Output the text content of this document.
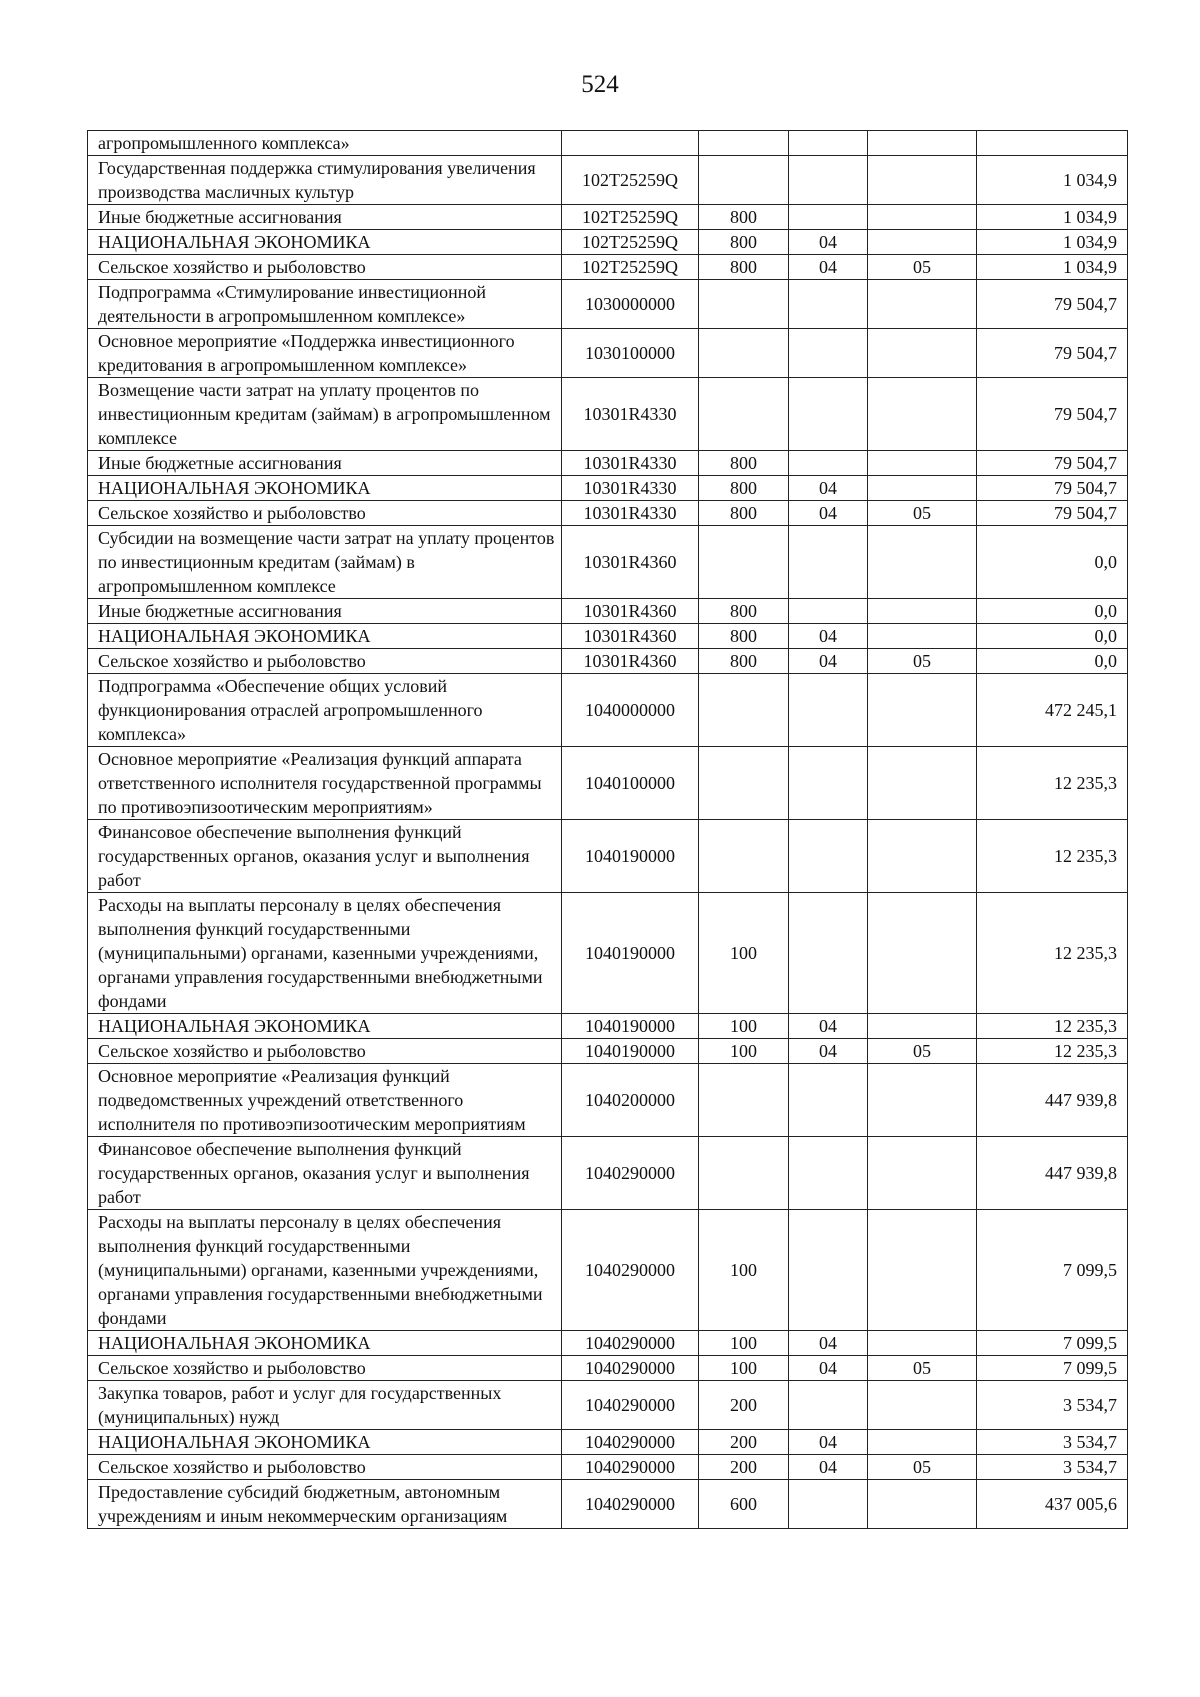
524
агропромышленного комплекса»					
Государственная поддержка стимулирования увеличения производства масличных культур	102T25259Q				1 034,9
Иные бюджетные ассигнования	102T25259Q	800			1 034,9
НАЦИОНАЛЬНАЯ ЭКОНОМИКА	102T25259Q	800	04		1 034,9
Сельское хозяйство и рыболовство	102T25259Q	800	04	05	1 034,9
Подпрограмма «Стимулирование инвестиционной деятельности в агропромышленном комплексе»	1030000000				79 504,7
Основное мероприятие «Поддержка инвестиционного кредитования в агропромышленном комплексе»	1030100000				79 504,7
Возмещение части затрат на уплату процентов по инвестиционным кредитам (займам) в агропромышленном комплексе	10301R4330				79 504,7
Иные бюджетные ассигнования	10301R4330	800			79 504,7
НАЦИОНАЛЬНАЯ ЭКОНОМИКА	10301R4330	800	04		79 504,7
Сельское хозяйство и рыболовство	10301R4330	800	04	05	79 504,7
Субсидии на возмещение части затрат на уплату процентов по инвестиционным кредитам (займам) в агропромышленном комплексе	10301R4360				0,0
Иные бюджетные ассигнования	10301R4360	800			0,0
НАЦИОНАЛЬНАЯ ЭКОНОМИКА	10301R4360	800	04		0,0
Сельское хозяйство и рыболовство	10301R4360	800	04	05	0,0
Подпрограмма «Обеспечение общих условий функционирования отраслей агропромышленного комплекса»	1040000000				472 245,1
Основное мероприятие «Реализация функций аппарата ответственного исполнителя государственной программы по противоэпизоотическим мероприятиям»	1040100000				12 235,3
Финансовое обеспечение выполнения функций государственных органов, оказания услуг и выполнения работ	1040190000				12 235,3
Расходы на выплаты персоналу в целях обеспечения выполнения функций государственными (муниципальными) органами, казенными учреждениями, органами управления государственными внебюджетными фондами	1040190000	100			12 235,3
НАЦИОНАЛЬНАЯ ЭКОНОМИКА	1040190000	100	04		12 235,3
Сельское хозяйство и рыболовство	1040190000	100	04	05	12 235,3
Основное мероприятие «Реализация функций подведомственных учреждений ответственного исполнителя по противоэпизоотическим мероприятиям	1040200000				447 939,8
Финансовое обеспечение выполнения функций государственных органов, оказания услуг и выполнения работ	1040290000				447 939,8
Расходы на выплаты персоналу в целях обеспечения выполнения функций государственными (муниципальными) органами, казенными учреждениями, органами управления государственными внебюджетными фондами	1040290000	100			7 099,5
НАЦИОНАЛЬНАЯ ЭКОНОМИКА	1040290000	100	04		7 099,5
Сельское хозяйство и рыболовство	1040290000	100	04	05	7 099,5
Закупка товаров, работ и услуг для государственных (муниципальных) нужд	1040290000	200			3 534,7
НАЦИОНАЛЬНАЯ ЭКОНОМИКА	1040290000	200	04		3 534,7
Сельское хозяйство и рыболовство	1040290000	200	04	05	3 534,7
Предоставление субсидий бюджетным, автономным учреждениям и иным некоммерческим организациям	1040290000	600			437 005,6
